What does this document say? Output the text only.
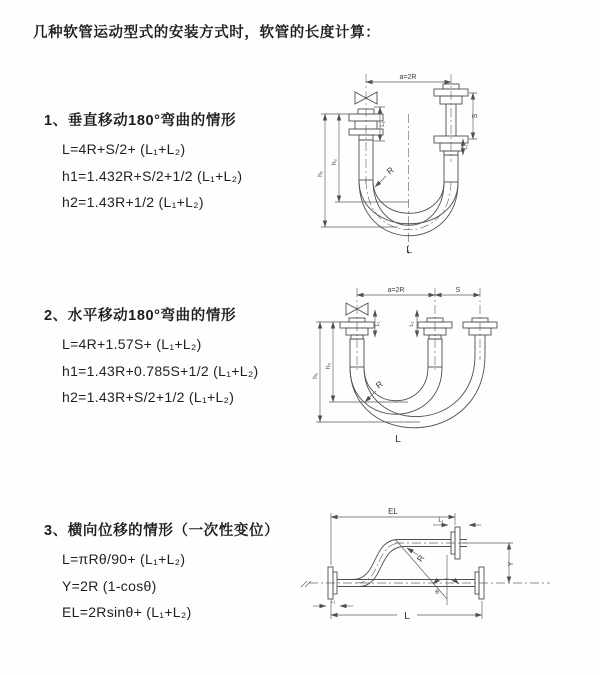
几种软管运动型式的安装方式时，软管的长度计算：
1、垂直移动180°弯曲的情形
L=4R+S/2+ (L₁+L₂)
h1=1.432R+S/2+1/2 (L₁+L₂)
h2=1.43R+1/2 (L₁+L₂)
2、水平移动180°弯曲的情形
L=4R+1.57S+ (L₁+L₂)
h1=1.43R+0.785S+1/2 (L₁+L₂)
h2=1.43R+S/2+1/2 (L₁+L₂)
3、横向位移的情形（一次性变位）
L=πRθ/90+ (L₁+L₂)
Y=2R (1-cosθ)
EL=2Rsinθ+ (L₁+L₂)
a=2R
L₁
S
L₂
h₁
h₂
R
L
a=2R	S
L₁	L₂
h₁
h₂
R
L
θ
EL
L₁
Y
R
L₁
L
